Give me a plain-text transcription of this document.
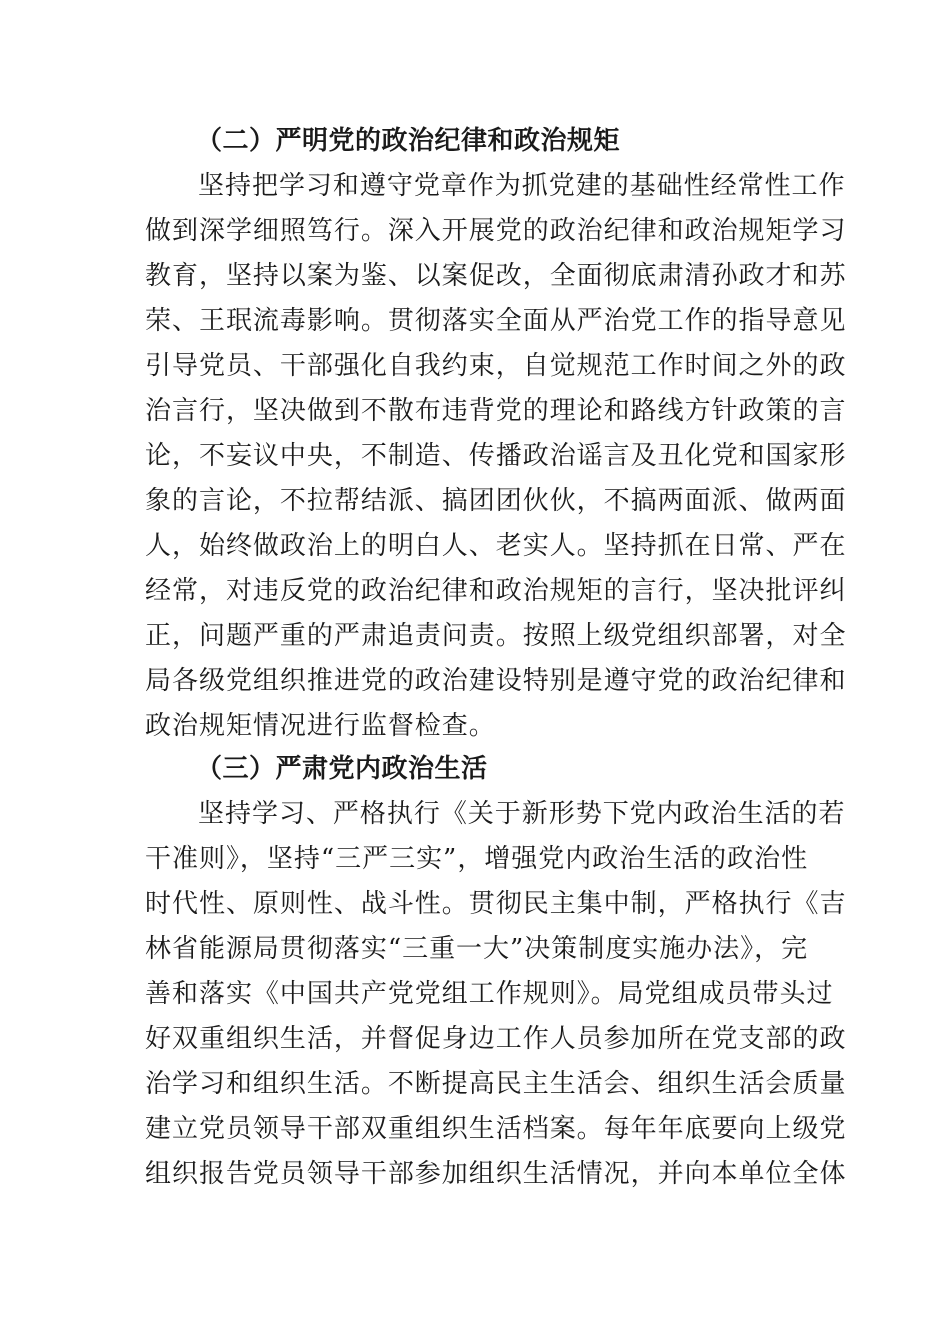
（二）严明党的政治纪律和政治规矩
坚持把学习和遵守党章作为抓党建的基础性经常性工作
做到深学细照笃行。深入开展党的政治纪律和政治规矩学习
教育，坚持以案为鉴、以案促改，全面彻底肃清孙政才和苏
荣、王珉流毒影响。贯彻落实全面从严治党工作的指导意见
引导党员、干部强化自我约束，自觉规范工作时间之外的政
治言行，坚决做到不散布违背党的理论和路线方针政策的言
论，不妄议中央，不制造、传播政治谣言及丑化党和国家形
象的言论，不拉帮结派、搞团团伙伙，不搞两面派、做两面
人，始终做政治上的明白人、老实人。坚持抓在日常、严在
经常，对违反党的政治纪律和政治规矩的言行，坚决批评纠
正，问题严重的严肃追责问责。按照上级党组织部署，对全
局各级党组织推进党的政治建设特别是遵守党的政治纪律和
政治规矩情况进行监督检查。
（三）严肃党内政治生活
坚持学习、严格执行《关于新形势下党内政治生活的若
干准则》，坚持“三严三实”，增强党内政治生活的政治性
时代性、原则性、战斗性。贯彻民主集中制，严格执行《吉
林省能源局贯彻落实“三重一大”决策制度实施办法》，完
善和落实《中国共产党党组工作规则》。局党组成员带头过
好双重组织生活，并督促身边工作人员参加所在党支部的政
治学习和组织生活。不断提高民主生活会、组织生活会质量
建立党员领导干部双重组织生活档案。每年年底要向上级党
组织报告党员领导干部参加组织生活情况，并向本单位全体
